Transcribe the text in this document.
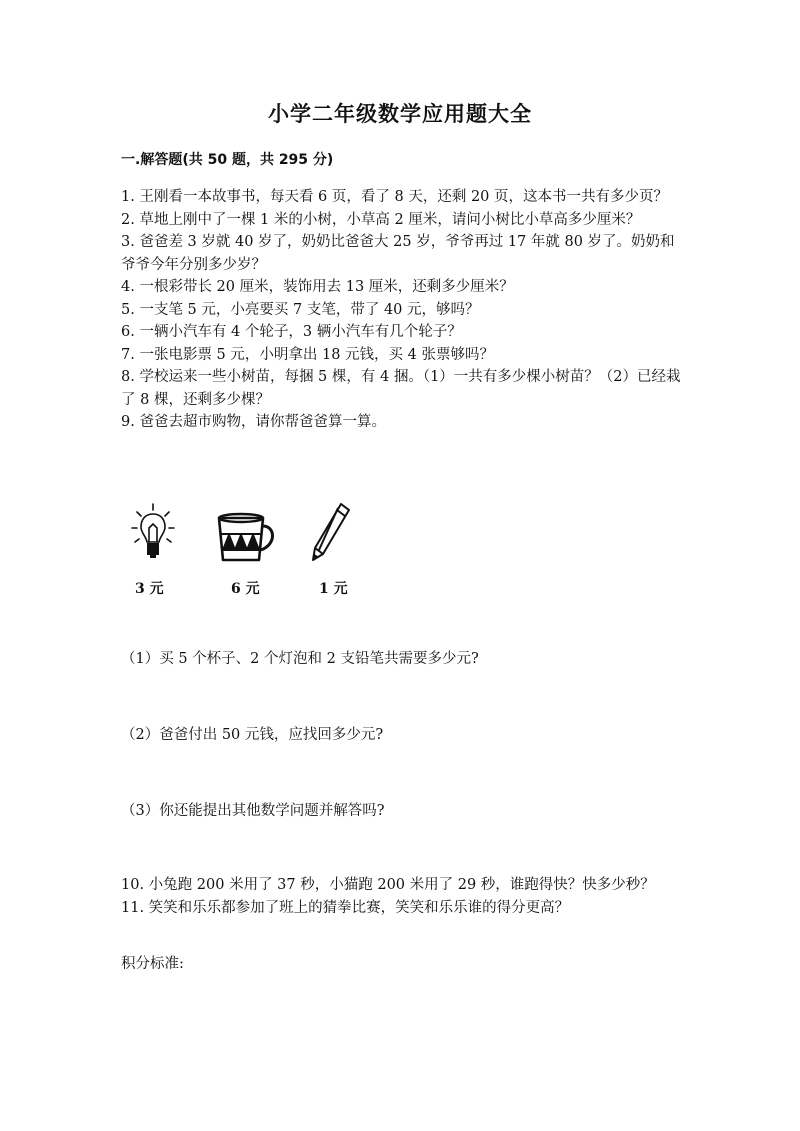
小学二年级数学应用题大全
一.解答题(共 50 题，共 295 分)

1. 王刚看一本故事书，每天看 6 页，看了 8 天，还剩 20 页，这本书一共有多少页？

2. 草地上刚中了一棵 1 米的小树，小草高 2 厘米，请问小树比小草高多少厘米？

3. 爸爸差 3 岁就 40 岁了，奶奶比爸爸大 25 岁，爷爷再过 17 年就 80 岁了。奶奶和爷爷今年分别多少岁？

4. 一根彩带长 20 厘米，装饰用去 13 厘米，还剩多少厘米？

5. 一支笔 5 元，小亮要买 7 支笔，带了 40 元，够吗？

6. 一辆小汽车有 4 个轮子，3 辆小汽车有几个轮子？

7. 一张电影票 5 元，小明拿出 18 元钱，买 4 张票够吗？

8. 学校运来一些小树苗，每捆 5 棵，有 4 捆。（1）一共有多少棵小树苗？（2）已经栽了 8 棵，还剩多少棵？

9. 爸爸去超市购物，请你帮爸爸算一算。

3 元	6 元	1 元
（1）买 5 个杯子、2 个灯泡和 2 支铅笔共需要多少元?
（2）爸爸付出 50 元钱，应找回多少元?
（3）你还能提出其他数学问题并解答吗?

10. 小兔跑 200 米用了 37 秒，小猫跑 200 米用了 29 秒，谁跑得快？快多少秒？

11. 笑笑和乐乐都参加了班上的猜拳比赛，笑笑和乐乐谁的得分更高？

积分标准:
